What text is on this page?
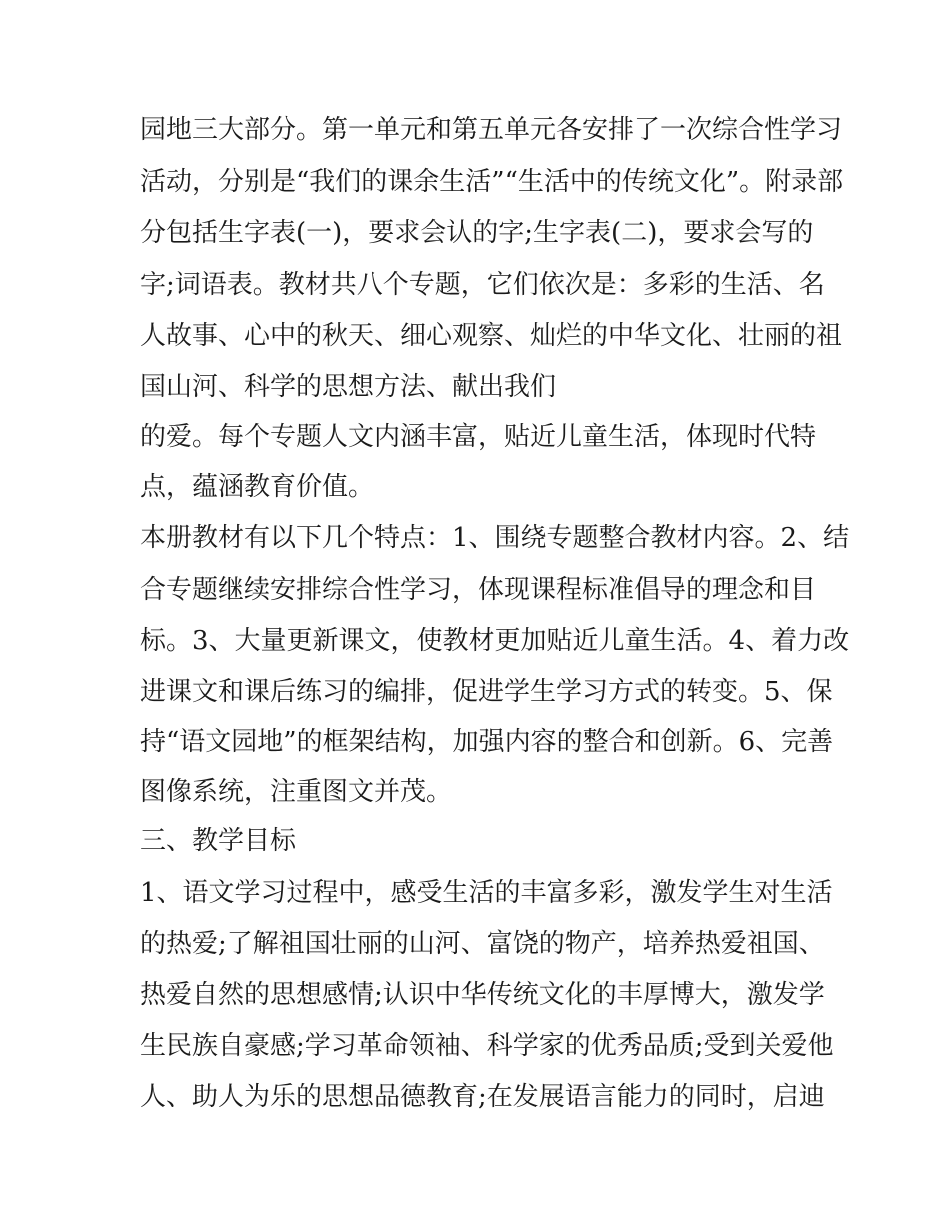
园地三大部分。第一单元和第五单元各安排了一次综合性学习
活动，分别是“我们的课余生活”“生活中的传统文化”。附录部
分包括生字表(一)，要求会认的字;生字表(二)，要求会写的
字;词语表。教材共八个专题，它们依次是：多彩的生活、名
人故事、心中的秋天、细心观察、灿烂的中华文化、壮丽的祖
国山河、科学的思想方法、献出我们
的爱。每个专题人文内涵丰富，贴近儿童生活，体现时代特
点，蕴涵教育价值。
本册教材有以下几个特点：1、围绕专题整合教材内容。2、结
合专题继续安排综合性学习，体现课程标准倡导的理念和目
标。3、大量更新课文，使教材更加贴近儿童生活。4、着力改
进课文和课后练习的编排，促进学生学习方式的转变。5、保
持“语文园地”的框架结构，加强内容的整合和创新。6、完善
图像系统，注重图文并茂。
三、教学目标
1、语文学习过程中，感受生活的丰富多彩，激发学生对生活
的热爱;了解祖国壮丽的山河、富饶的物产，培养热爱祖国、
热爱自然的思想感情;认识中华传统文化的丰厚博大，激发学
生民族自豪感;学习革命领袖、科学家的优秀品质;受到关爱他
人、助人为乐的思想品德教育;在发展语言能力的同时，启迪
